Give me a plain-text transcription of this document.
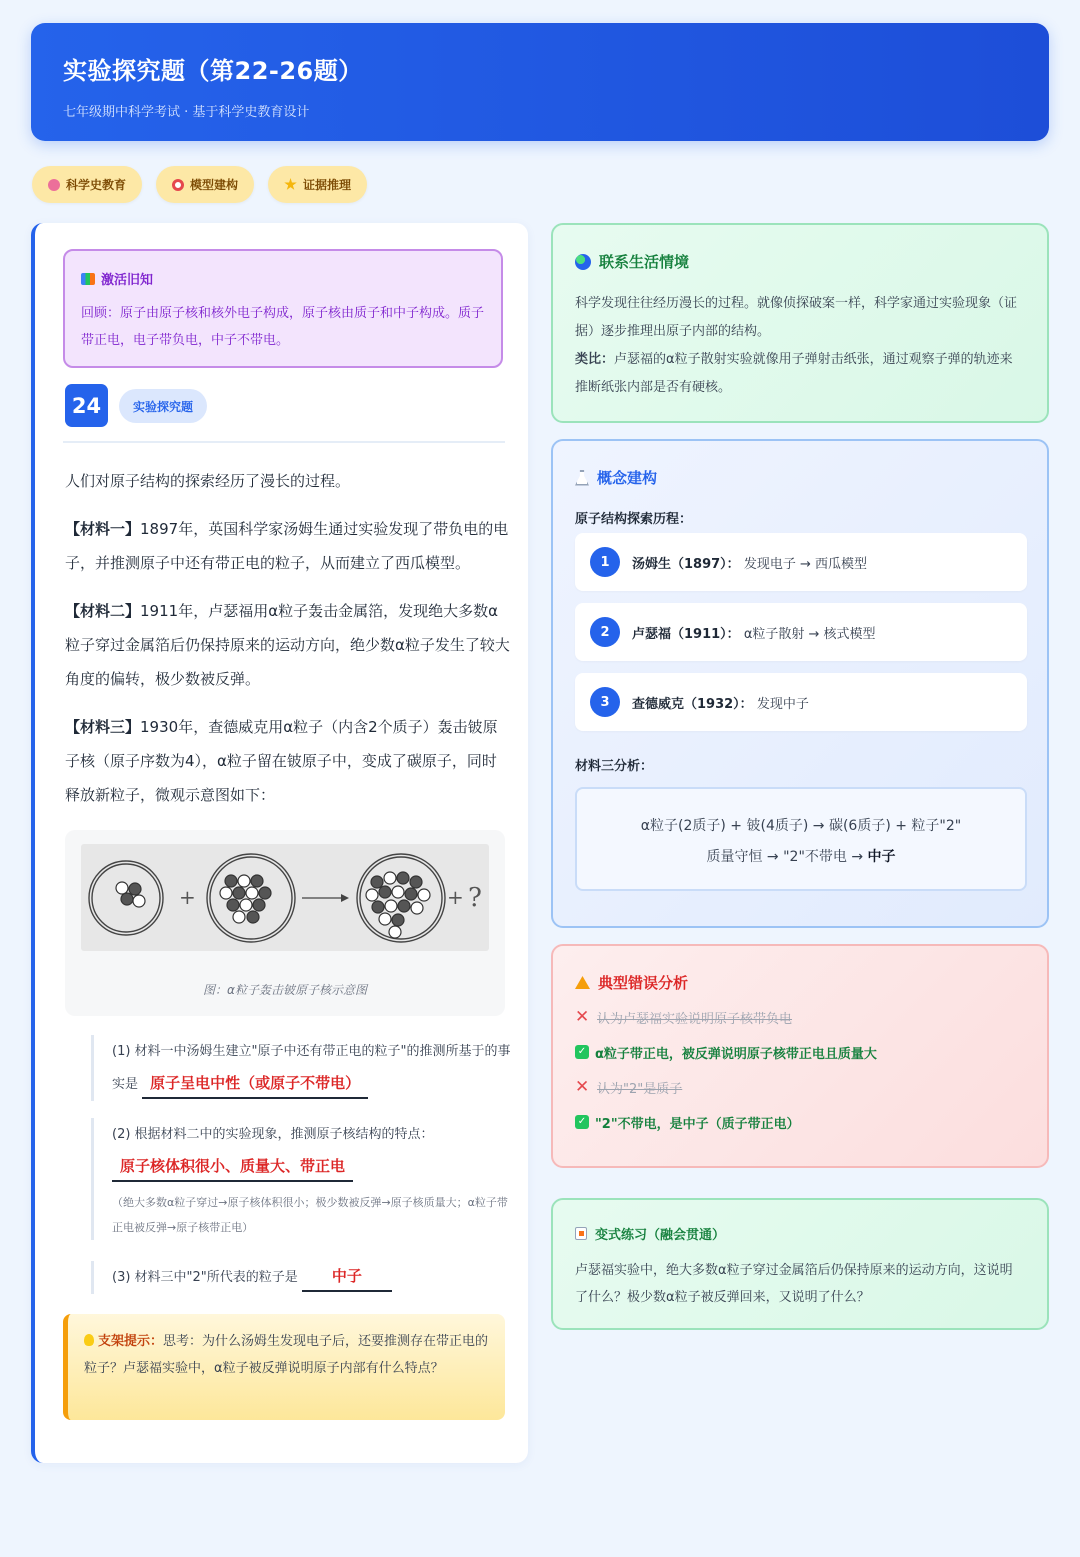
实验探究题（第22-26题）
七年级期中科学考试 · 基于科学史教育设计
科学史教育	模型建构	证据推理
激活旧知
回顾：原子由原子核和核外电子构成，原子核由质子和中子构成。质子带正电，电子带负电，中子不带电。
24	实验探究题
人们对原子结构的探索经历了漫长的过程。
【材料一】1897年，英国科学家汤姆生通过实验发现了带负电的电子，并推测原子中还有带正电的粒子，从而建立了西瓜模型。
【材料二】1911年，卢瑟福用α粒子轰击金属箔，发现绝大多数α粒子穿过金属箔后仍保持原来的运动方向，绝少数α粒子发生了较大角度的偏转，极少数被反弹。
【材料三】1930年，查德威克用α粒子（内含2个质子）轰击铍原子核（原子序数为4），α粒子留在铍原子中，变成了碳原子，同时释放新粒子，微观示意图如下：
+	+ ?
图：α粒子轰击铍原子核示意图
(1) 材料一中汤姆生建立"原子中还有带正电的粒子"的推测所基于的事实是 原子呈电中性（或原子不带电）
(2) 根据材料二中的实验现象，推测原子核结构的特点：
原子核体积很小、质量大、带正电
（绝大多数α粒子穿过→原子核体积很小；极少数被反弹→原子核质量大；α粒子带正电被反弹→原子核带正电）
(3) 材料三中"2"所代表的粒子是 中子
支架提示：思考：为什么汤姆生发现电子后，还要推测存在带正电的粒子？卢瑟福实验中，α粒子被反弹说明原子内部有什么特点？
联系生活情境
科学发现往往经历漫长的过程。就像侦探破案一样，科学家通过实验现象（证据）逐步推理出原子内部的结构。
类比：卢瑟福的α粒子散射实验就像用子弹射击纸张，通过观察子弹的轨迹来推断纸张内部是否有硬核。
概念建构
原子结构探索历程：
1	汤姆生（1897）：
发现电子 → 西瓜模型
2	卢瑟福（1911）：
α粒子散射 → 核式模型
3	查德威克（1932）：
发现中子
材料三分析：
α粒子(2质子) + 铍(4质子) → 碳(6质子) + 粒子"2"
质量守恒 → "2"不带电 → 中子
典型错误分析
✕ 认为卢瑟福实验说明原子核带负电
✓ α粒子带正电，被反弹说明原子核带正电且质量大
✕ 认为"2"是质子
✓ "2"不带电，是中子（质子带正电）
变式练习（融会贯通）
卢瑟福实验中，绝大多数α粒子穿过金属箔后仍保持原来的运动方向，这说明了什么？极少数α粒子被反弹回来，又说明了什么？
